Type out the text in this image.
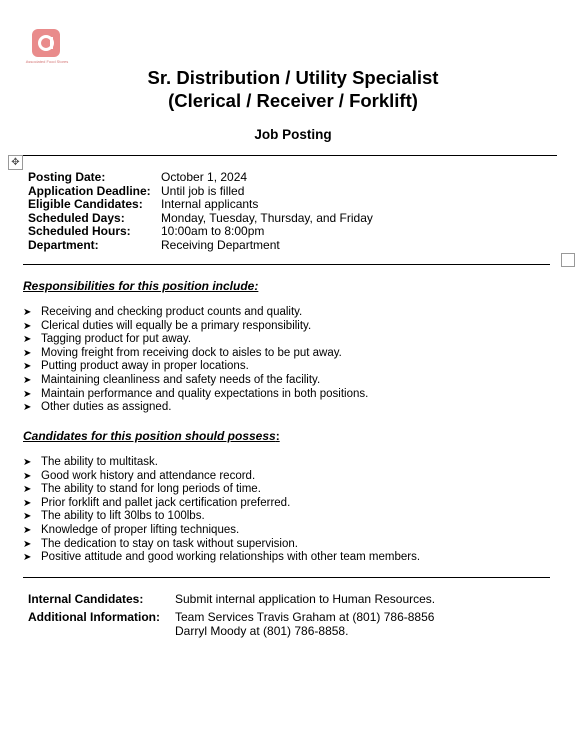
Associated Food Stores
Sr. Distribution / Utility Specialist
(Clerical / Receiver / Forklift)
Job Posting
✥
Posting Date:	October 1, 2024
Application Deadline: Until job is filled
Eligible Candidates: Internal applicants
Scheduled Days:	Monday, Tuesday, Thursday, and Friday
Scheduled Hours:	10:00am to 8:00pm
Department:	Receiving Department
Responsibilities for this position include:
➤ Receiving and checking product counts and quality.
➤ Clerical duties will equally be a primary responsibility.
➤ Tagging product for put away.
➤ Moving freight from receiving dock to aisles to be put away.
➤ Putting product away in proper locations.
➤ Maintaining cleanliness and safety needs of the facility.
➤ Maintain performance and quality expectations in both positions.
➤ Other duties as assigned.
Candidates for this position should possess:
➤ The ability to multitask.
➤ Good work history and attendance record.
➤ The ability to stand for long periods of time.
➤ Prior forklift and pallet jack certification preferred.
➤ The ability to lift 30lbs to 100lbs.
➤ Knowledge of proper lifting techniques.
➤ The dedication to stay on task without supervision.
➤ Positive attitude and good working relationships with other team members.
Internal Candidates:	Submit internal application to Human Resources.
Additional Information: Team Services Travis Graham at (801) 786-8856
Darryl Moody at (801) 786-8858.
